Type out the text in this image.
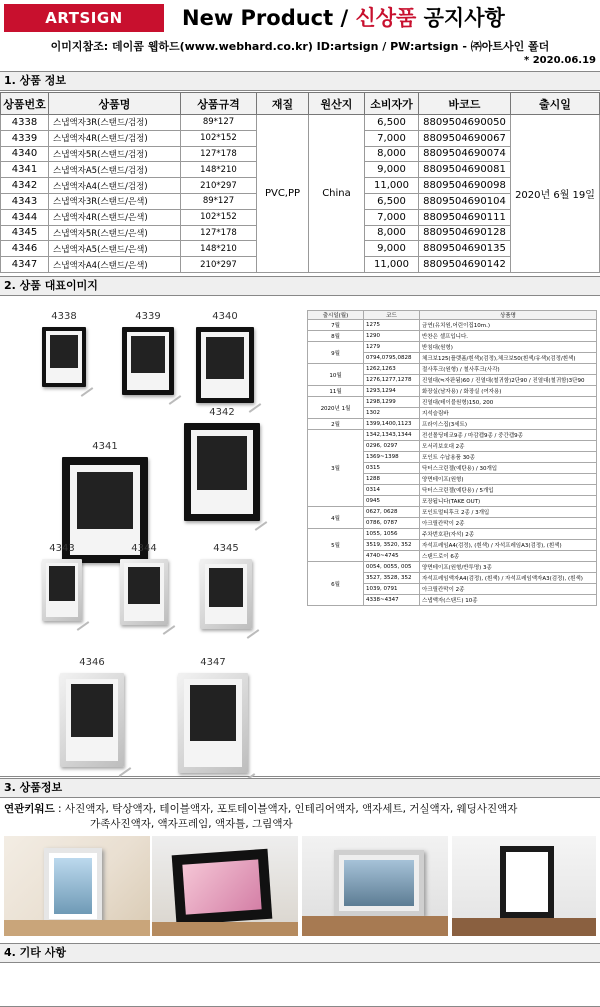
ARTSIGN	New Product / 신상품 공지사항
이미지참조: 데이콤 웹하드(www.webhard.co.kr) ID:artsign / PW:artsign - ㈜아트사인 폴더
* 2020.06.19
1. 상품 정보
상품번호	상품명	상품규격	재질	원산지	소비자가	바코드	출시일
4338	스냅액자3R(스탠드/검정)	89*127	PVC,PP	China	6,500	8809504690050	2020년 6월 19일
4339	스냅액자4R(스탠드/검정)	102*152			7,000	8809504690067	
4340	스냅액자5R(스탠드/검정)	127*178			8,000	8809504690074	
4341	스냅액자A5(스탠드/검정)	148*210			9,000	8809504690081	
4342	스냅액자A4(스탠드/검정)	210*297			11,000	8809504690098	
4343	스냅액자3R(스탠드/은색)	89*127			6,500	8809504690104	
4344	스냅액자4R(스탠드/은색)	102*152			7,000	8809504690111	
4345	스냅액자5R(스탠드/은색)	127*178			8,000	8809504690128	
4346	스냅액자A5(스탠드/은색)	148*210			9,000	8809504690135	
4347	스냅액자A4(스탠드/은색)	210*297			11,000	8809504690142	
2. 상품 대표이미지
4338	4339	4340
4341
4342
4343	4344	4345
4346	4347
출시일(월)	코드	상품명
7월	1275	금연(유치원,어린이집10m.)
8월	1290	반찬은 셀프입니다.
9월	1279	받침대(원형)
	0794,0795,0828	체크보125(플랫폼/흰색)(검정),체크보50(흰색/유색)(검정/흰색)
10월	1262,1263	절사후크(원형) / 철사후크(사각)
	1276,1277,1278	진열대(≒자판됨)60 / 진열대(철귀함)2단90 / 진열대(철귀함)3단90
11월	1293,1294	화장실(남자용) / 화장실 (여자용)
2020년 1월	1298,1299	진열대(테이블원형)150, 200
	1302	지석슬림바
2월	1399,1400,1123	프라이스집(3세트)
3월	1342,1343,1344	전선몰딩데코9종 / 마감캡9종 / 중간캡9종
	0296, 0297	모서리보호대 2종
	1369~1398	포인트 수납용품 30종
	0315	닥터스크린젤(예탄용) / 30개입
	1288	양면테이프(원형)
	0314	닥터스크린젤(예탄용) / 5개입
	0945	포장됩니다(TAKE OUT)
4월	0627, 0628	포인트멀티후크 2종 / 3개입
	0786, 0787	아크릴칸막이 2종
5월	1055, 1056	주차번호판(자석) 2종
	3519, 3520, 352	자석프레임A4(검정), (흰색) / 자석프레임A3(검정), (흰색)
	4740~4745	스탠드로이 6종
6월	0054, 0055, 005	양면테이프(원형/반투명) 3종
	3527, 3528, 352	자석프레임액자A4(검정), (흰색) / 자석프레임액자A3(검정), (흰색)
	1039, 0791	아크릴칸막이 2종
	4338~4347	스냅액자(스탠드) 10종
3. 상품정보
연관키워드 : 사진액자, 탁상액자, 테이블액자, 포토테이블액자, 인테리어액자, 액자세트, 거실액자, 웨딩사진액자
가족사진액자, 액자프레임, 액자틀, 그림액자
4. 기타 사항
